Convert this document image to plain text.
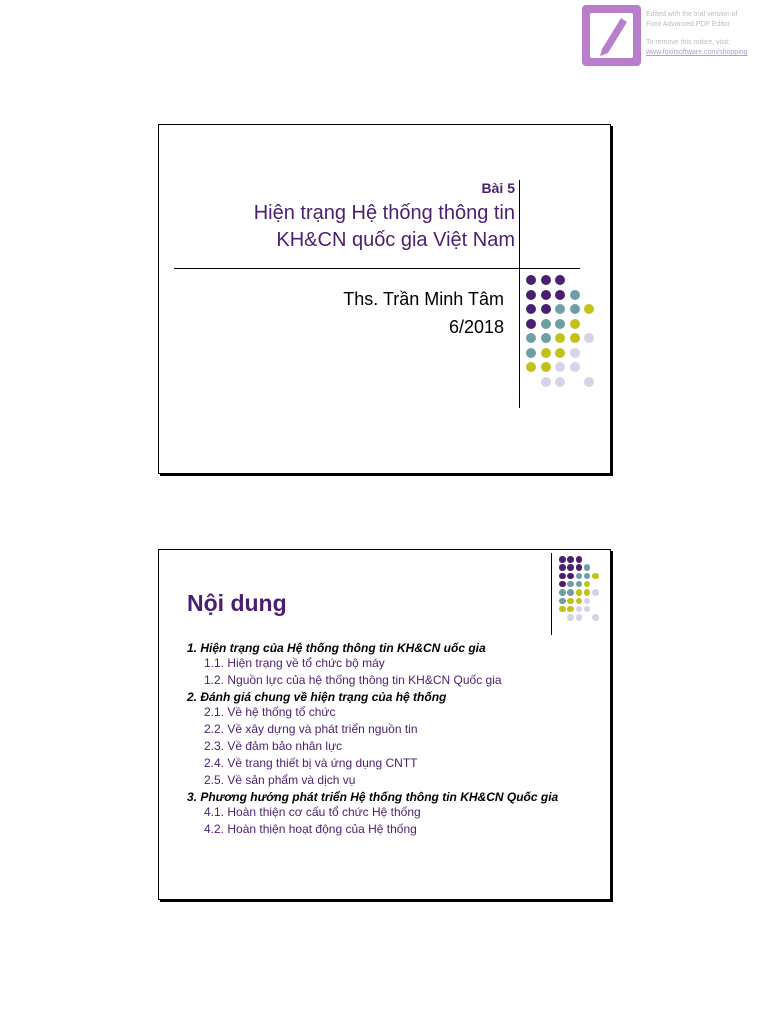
Edited with the trial version of
Foxit Advanced PDF Editor
To remove this notice, visit:
www.foxitsoftware.com/shopping
Bài 5
Hiện trạng Hệ thống thông tin
KH&CN quốc gia Việt Nam
Ths. Trần Minh Tâm
6/2018
Nội dung
1. Hiện trạng của Hệ thống thông tin KH&CN uốc gia
1.1. Hiện trạng về tổ chức bộ máy
1.2. Nguồn lực của hệ thống thông tin KH&CN Quốc gia
2. Đánh giá chung về hiện trạng của hệ thống
2.1. Về hệ thống tổ chức
2.2. Về xây dựng và phát triển nguồn tin
2.3. Về đảm bảo nhân lực
2.4. Về trang thiết bị và ứng dụng CNTT
2.5. Về sản phẩm và dịch vụ
3. Phương hướng phát triển Hệ thống thông tin KH&CN Quốc gia
4.1. Hoàn thiện cơ cấu tổ chức Hệ thống
4.2. Hoàn thiện hoạt động của Hệ thống
